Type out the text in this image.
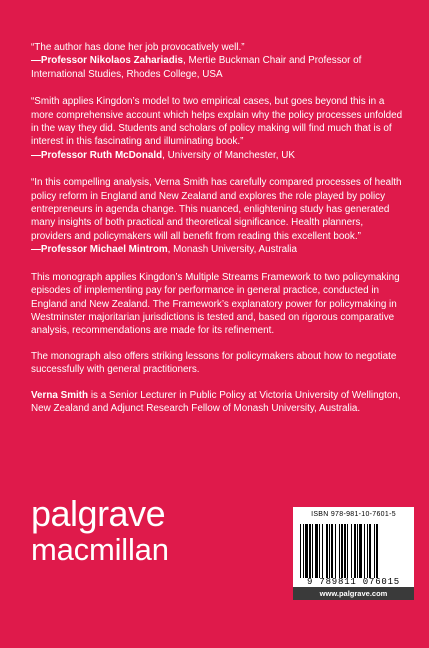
“The author has done her job provocatively well.”
—Professor Nikolaos Zahariadis, Mertie Buckman Chair and Professor of International Studies, Rhodes College, USA
“Smith applies Kingdon’s model to two empirical cases, but goes beyond this in a more comprehensive account which helps explain why the policy processes unfolded in the way they did. Students and scholars of policy making will find much that is of interest in this fascinating and illuminating book.”
—Professor Ruth McDonald, University of Manchester, UK
“In this compelling analysis, Verna Smith has carefully compared processes of health policy reform in England and New Zealand and explores the role played by policy entrepreneurs in agenda change. This nuanced, enlightening study has generated many insights of both practical and theoretical significance. Health planners, providers and policymakers will all benefit from reading this excellent book.”
—Professor Michael Mintrom, Monash University, Australia

This monograph applies Kingdon’s Multiple Streams Framework to two policymaking episodes of implementing pay for performance in general practice, conducted in England and New Zealand. The Framework’s explanatory power for policymaking in Westminster majoritarian jurisdictions is tested and, based on rigorous comparative analysis, recommendations are made for its refinement.

The monograph also offers striking lessons for policymakers about how to negotiate successfully with general practitioners.

Verna Smith is a Senior Lecturer in Public Policy at Victoria University of Wellington, New Zealand and Adjunct Research Fellow of Monash University, Australia.

palgrave
macmillan
ISBN 978-981-10-7601-5
9 789811 076015
www.palgrave.com
